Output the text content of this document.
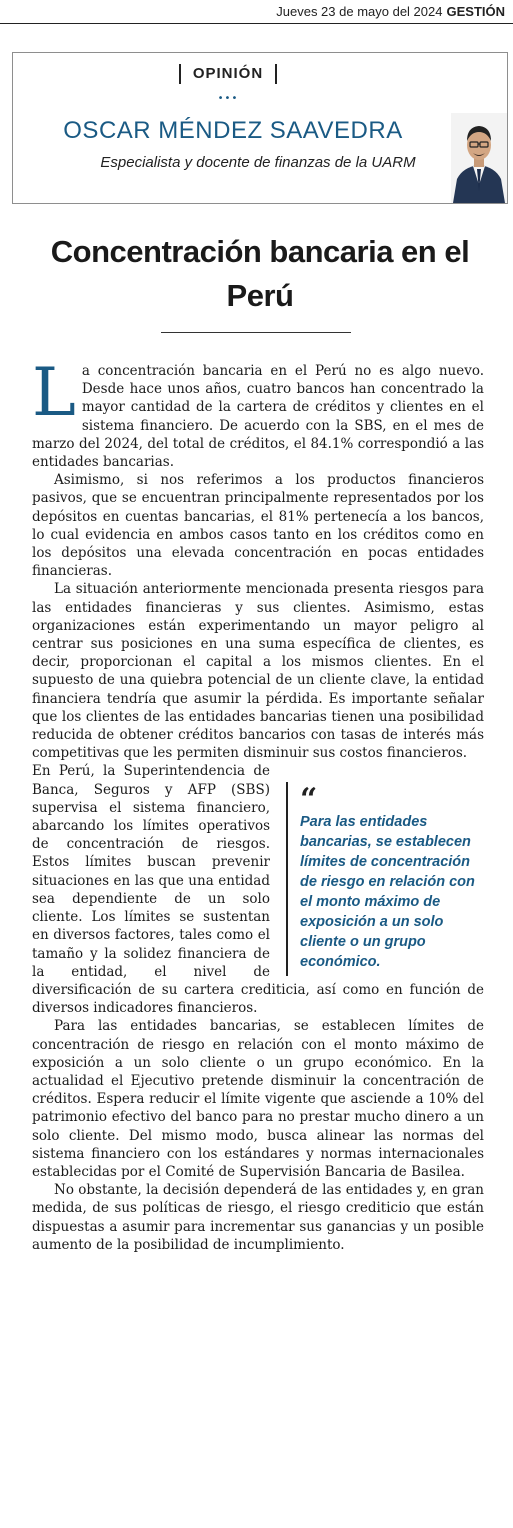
Jueves 23 de mayo del 2024 GESTIÓN
OPINIÓN
•••
OSCAR MÉNDEZ SAAVEDRA
Especialista y docente de finanzas de la UARM
Concentración bancaria en el Perú

La concentración bancaria en el Perú no es algo nuevo. Desde hace unos años, cuatro bancos han concentrado la mayor cantidad de la cartera de créditos y clientes en el sistema financiero. De acuerdo con la SBS, en el mes de marzo del 2024, del total de créditos, el 84.1% correspondió a las entidades bancarias.

Asimismo, si nos referimos a los productos financieros pasivos, que se encuentran principalmente representados por los depósitos en cuentas bancarias, el 81% pertenecía a los bancos, lo cual evidencia en ambos casos tanto en los créditos como en los depósitos una elevada concentración en pocas entidades financieras.

La situación anteriormente mencionada presenta riesgos para las entidades financieras y sus clientes. Asimismo, estas organizaciones están experimentando un mayor peligro al centrar sus posiciones en una suma específica de clientes, es decir, proporcionan el capital a los mismos clientes. En el supuesto de una quiebra potencial de un cliente clave, la entidad financiera tendría que asumir la pérdida. Es importante señalar que los clientes de las entidades bancarias tienen una posibilidad reducida de obtener créditos bancarios con tasas de interés más competitivas que les permiten disminuir sus costos financieros.

“
Para las entidades bancarias, se establecen límites de concentración de riesgo en relación con el monto máximo de exposición a un solo cliente o un grupo económico.
En Perú, la Superintendencia de Banca, Seguros y AFP (SBS) supervisa el sistema financiero, abarcando los límites operativos de concentración de riesgos. Estos límites buscan prevenir situaciones en las que una entidad sea dependiente de un solo cliente. Los límites se sustentan en diversos factores, tales como el tamaño y la solidez financiera de la entidad, el nivel de diversificación de su cartera crediticia, así como en función de diversos indicadores financieros.

Para las entidades bancarias, se establecen límites de concentración de riesgo en relación con el monto máximo de exposición a un solo cliente o un grupo económico. En la actualidad el Ejecutivo pretende disminuir la concentración de créditos. Espera reducir el límite vigente que asciende a 10% del patrimonio efectivo del banco para no prestar mucho dinero a un solo cliente. Del mismo modo, busca alinear las normas del sistema financiero con los estándares y normas internacionales establecidas por el Comité de Supervisión Bancaria de Basilea.

No obstante, la decisión dependerá de las entidades y, en gran medida, de sus políticas de riesgo, el riesgo crediticio que están dispuestas a asumir para incrementar sus ganancias y un posible aumento de la posibilidad de incumplimiento.
